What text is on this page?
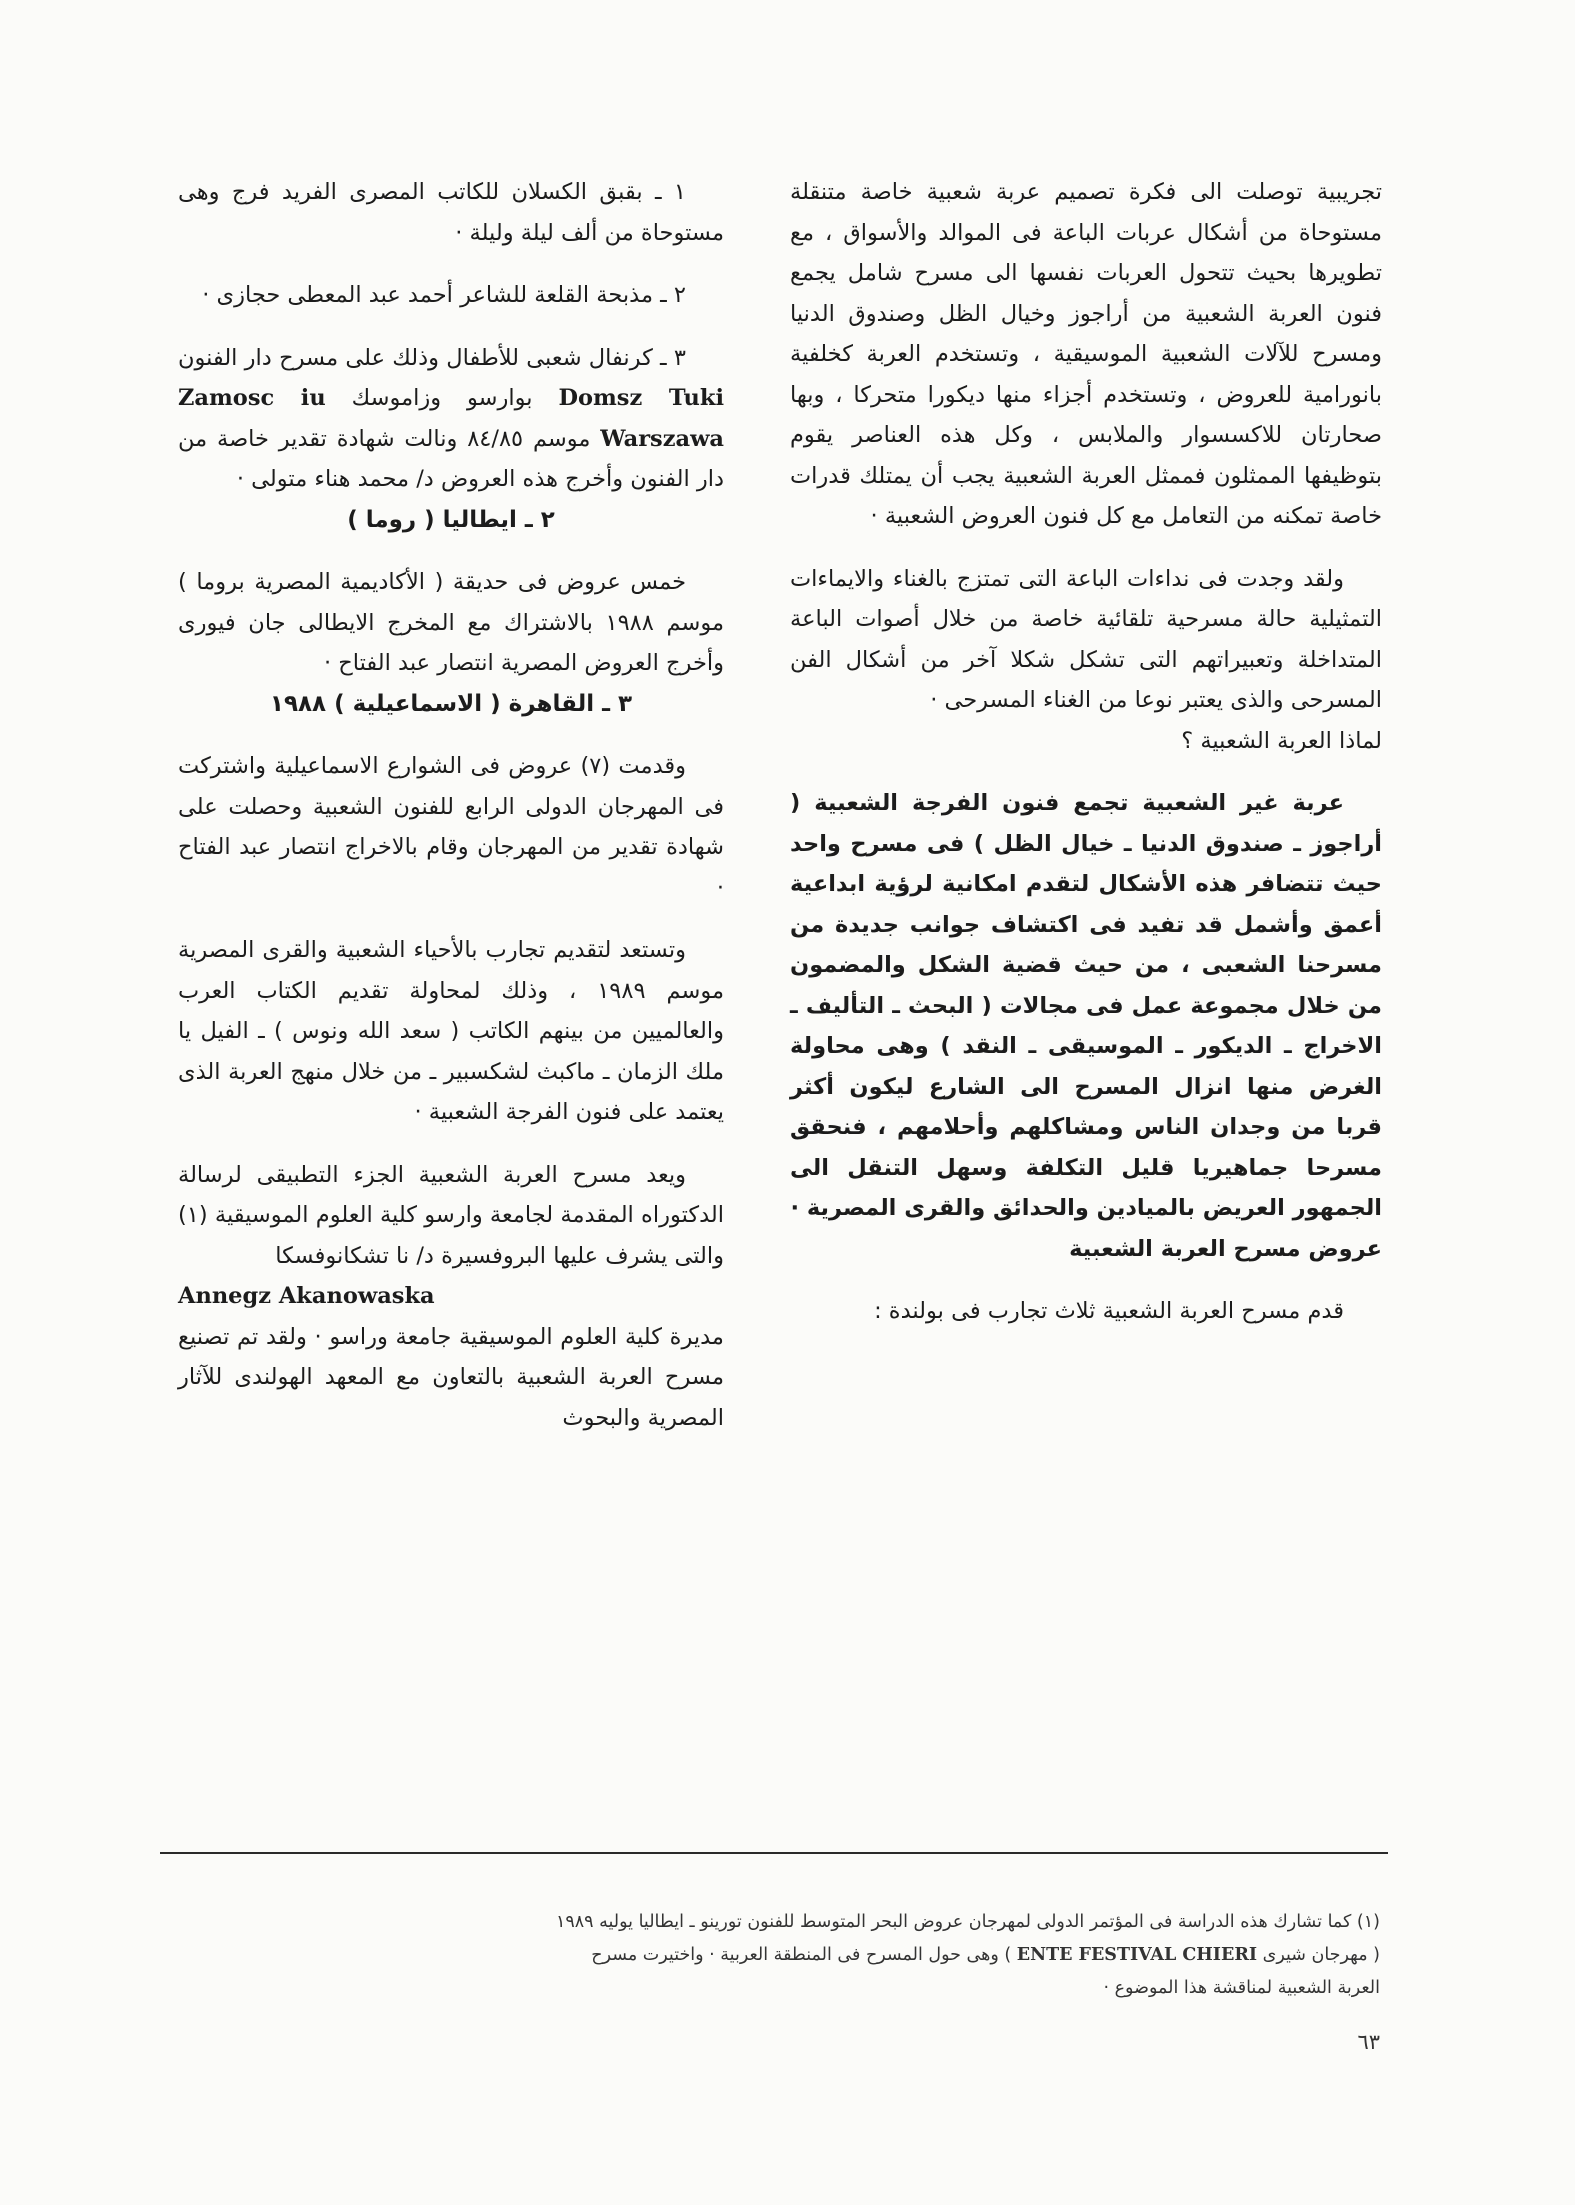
تجريبية توصلت الى فكرة تصميم عربة شعبية خاصة متنقلة مستوحاة من أشكال عربات الباعة فى الموالد والأسواق ، مع تطويرها بحيث تتحول العربات نفسها الى مسرح شامل يجمع فنون العربة الشعبية من أراجوز وخيال الظل وصندوق الدنيا ومسرح للآلات الشعبية الموسيقية ، وتستخدم العربة كخلفية بانورامية للعروض ، وتستخدم أجزاء منها ديكورا متحركا ، وبها صحارتان للاكسسوار والملابس ، وكل هذه العناصر يقوم بتوظيفها الممثلون فممثل العربة الشعبية يجب أن يمتلك قدرات خاصة تمكنه من التعامل مع كل فنون العروض الشعبية ·

ولقد وجدت فى نداءات الباعة التى تمتزج بالغناء والايماءات التمثيلية حالة مسرحية تلقائية خاصة من خلال أصوات الباعة المتداخلة وتعبيراتهم التى تشكل شكلا آخر من أشكال الفن المسرحى والذى يعتبر نوعا من الغناء المسرحى ·

لماذا العربة الشعبية ؟

عربة غير الشعبية تجمع فنون الفرجة الشعبية ( أراجوز ـ صندوق الدنيا ـ خيال الظل ) فى مسرح واحد حيث تتضافر هذه الأشكال لتقدم امكانية لرؤية ابداعية أعمق وأشمل قد تفيد فى اكتشاف جوانب جديدة من مسرحنا الشعبى ، من حيث قضية الشكل والمضمون من خلال مجموعة عمل فى مجالات ( البحث ـ التأليف ـ الاخراج ـ الديكور ـ الموسيقى ـ النقد ) وهى محاولة الغرض منها انزال المسرح الى الشارع ليكون أكثر قربا من وجدان الناس ومشاكلهم وأحلامهم ، فنحقق مسرحا جماهيريا قليل التكلفة وسهل التنقل الى الجمهور العريض بالميادين والحدائق والقرى المصرية ·

عروض مسرح العربة الشعبية

قدم مسرح العربة الشعبية ثلاث تجارب فى بولندة :

١ ـ بقبق الكسلان للكاتب المصرى الفريد فرج وهى مستوحاة من ألف ليلة وليلة ·

٢ ـ مذبحة القلعة للشاعر أحمد عبد المعطى حجازى ·

٣ ـ كرنفال شعبى للأطفال وذلك على مسرح دار الفنون Domsz Tuki بوارسو وزاموسك Zamosc iu Warszawa موسم ٨٤/٨٥ ونالت شهادة تقدير خاصة من دار الفنون وأخرج هذه العروض د/ محمد هناء متولى ·

٢ ـ ايطاليا ( روما )

خمس عروض فى حديقة ( الأكاديمية المصرية بروما ) موسم ١٩٨٨ بالاشتراك مع المخرج الايطالى جان فيورى وأخرج العروض المصرية انتصار عبد الفتاح ·

٣ ـ القاهرة ( الاسماعيلية ) ١٩٨٨

وقدمت (٧) عروض فى الشوارع الاسماعيلية واشتركت فى المهرجان الدولى الرابع للفنون الشعبية وحصلت على شهادة تقدير من المهرجان وقام بالاخراج انتصار عبد الفتاح ·

وتستعد لتقديم تجارب بالأحياء الشعبية والقرى المصرية موسم ١٩٨٩ ، وذلك لمحاولة تقديم الكتاب العرب والعالميين من بينهم الكاتب ( سعد الله ونوس ) ـ الفيل يا ملك الزمان ـ ماكبث لشكسبير ـ من خلال منهج العربة الذى يعتمد على فنون الفرجة الشعبية ·

ويعد مسرح العربة الشعبية الجزء التطبيقى لرسالة الدكتوراه المقدمة لجامعة وارسو كلية العلوم الموسيقية (١) والتى يشرف عليها البروفسيرة د/ نا تشكانوفسكا

Annegz Akanowaska

مديرة كلية العلوم الموسيقية جامعة وراسو · ولقد تم تصنيع مسرح العربة الشعبية بالتعاون مع المعهد الهولندى للآثار المصرية والبحوث

(١) كما تشارك هذه الدراسة فى المؤتمر الدولى لمهرجان عروض البحر المتوسط للفنون تورينو ـ ايطاليا يوليه ١٩٨٩

( مهرجان شيرى ENTE FESTIVAL CHIERI ) وهى حول المسرح فى المنطقة العربية · واختيرت مسرح

العربة الشعبية لمناقشة هذا الموضوع ·

٦٣
